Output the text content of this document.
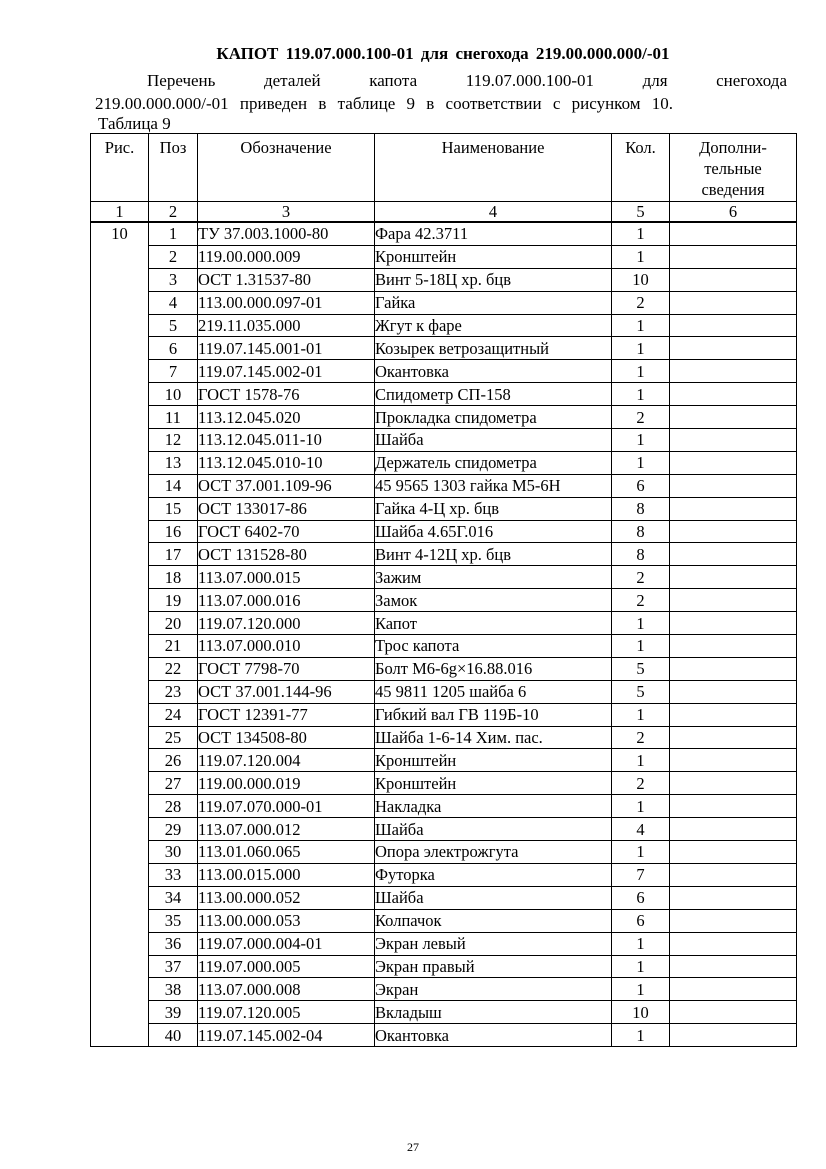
КАПОТ 119.07.000.100-01 для снегохода 219.00.000.000/-01
Перечень деталей капота 119.07.000.100-01 для снегохода
219.00.000.000/-01 приведен в таблице 9 в соответствии с рисунком 10.
Таблица 9
Рис.	Поз	Обозначение	Наименование	Кол.	Дополни-
тельные
сведения

1	2	3	4	5	6
10	1	ТУ 37.003.1000-80	Фара 42.3711	1	
	2	119.00.000.009	Кронштейн	1	
	3	ОСТ 1.31537-80	Винт 5-18Ц хр. бцв	10	
	4	113.00.000.097-01	Гайка	2	
	5	219.11.035.000	Жгут к фаре	1	
	6	119.07.145.001-01	Козырек ветрозащитный	1	
	7	119.07.145.002-01	Окантовка	1	
	10	ГОСТ 1578-76	Спидометр СП-158	1	
	11	113.12.045.020	Прокладка спидометра	2	
	12	113.12.045.011-10	Шайба	1	
	13	113.12.045.010-10	Держатель спидометра	1	
	14	ОСТ 37.001.109-96	45 9565 1303 гайка М5-6Н	6	
	15	ОСТ 133017-86	Гайка 4-Ц хр. бцв	8	
	16	ГОСТ 6402-70	Шайба 4.65Г.016	8	
	17	ОСТ 131528-80	Винт 4-12Ц хр. бцв	8	
	18	113.07.000.015	Зажим	2	
	19	113.07.000.016	Замок	2	
	20	119.07.120.000	Капот	1	
	21	113.07.000.010	Трос капота	1	
	22	ГОСТ 7798-70	Болт М6-6g×16.88.016	5	
	23	ОСТ 37.001.144-96	45 9811 1205 шайба 6	5	
	24	ГОСТ 12391-77	Гибкий вал ГВ 119Б-10	1	
	25	ОСТ 134508-80	Шайба 1-6-14 Хим. пас.	2	
	26	119.07.120.004	Кронштейн	1	
	27	119.00.000.019	Кронштейн	2	
	28	119.07.070.000-01	Накладка	1	
	29	113.07.000.012	Шайба	4	
	30	113.01.060.065	Опора электрожгута	1	
	33	113.00.015.000	Футорка	7	
	34	113.00.000.052	Шайба	6	
	35	113.00.000.053	Колпачок	6	
	36	119.07.000.004-01	Экран левый	1	
	37	119.07.000.005	Экран правый	1	
	38	113.07.000.008	Экран	1	
	39	119.07.120.005	Вкладыш	10	
	40	119.07.145.002-04	Окантовка	1	
27
